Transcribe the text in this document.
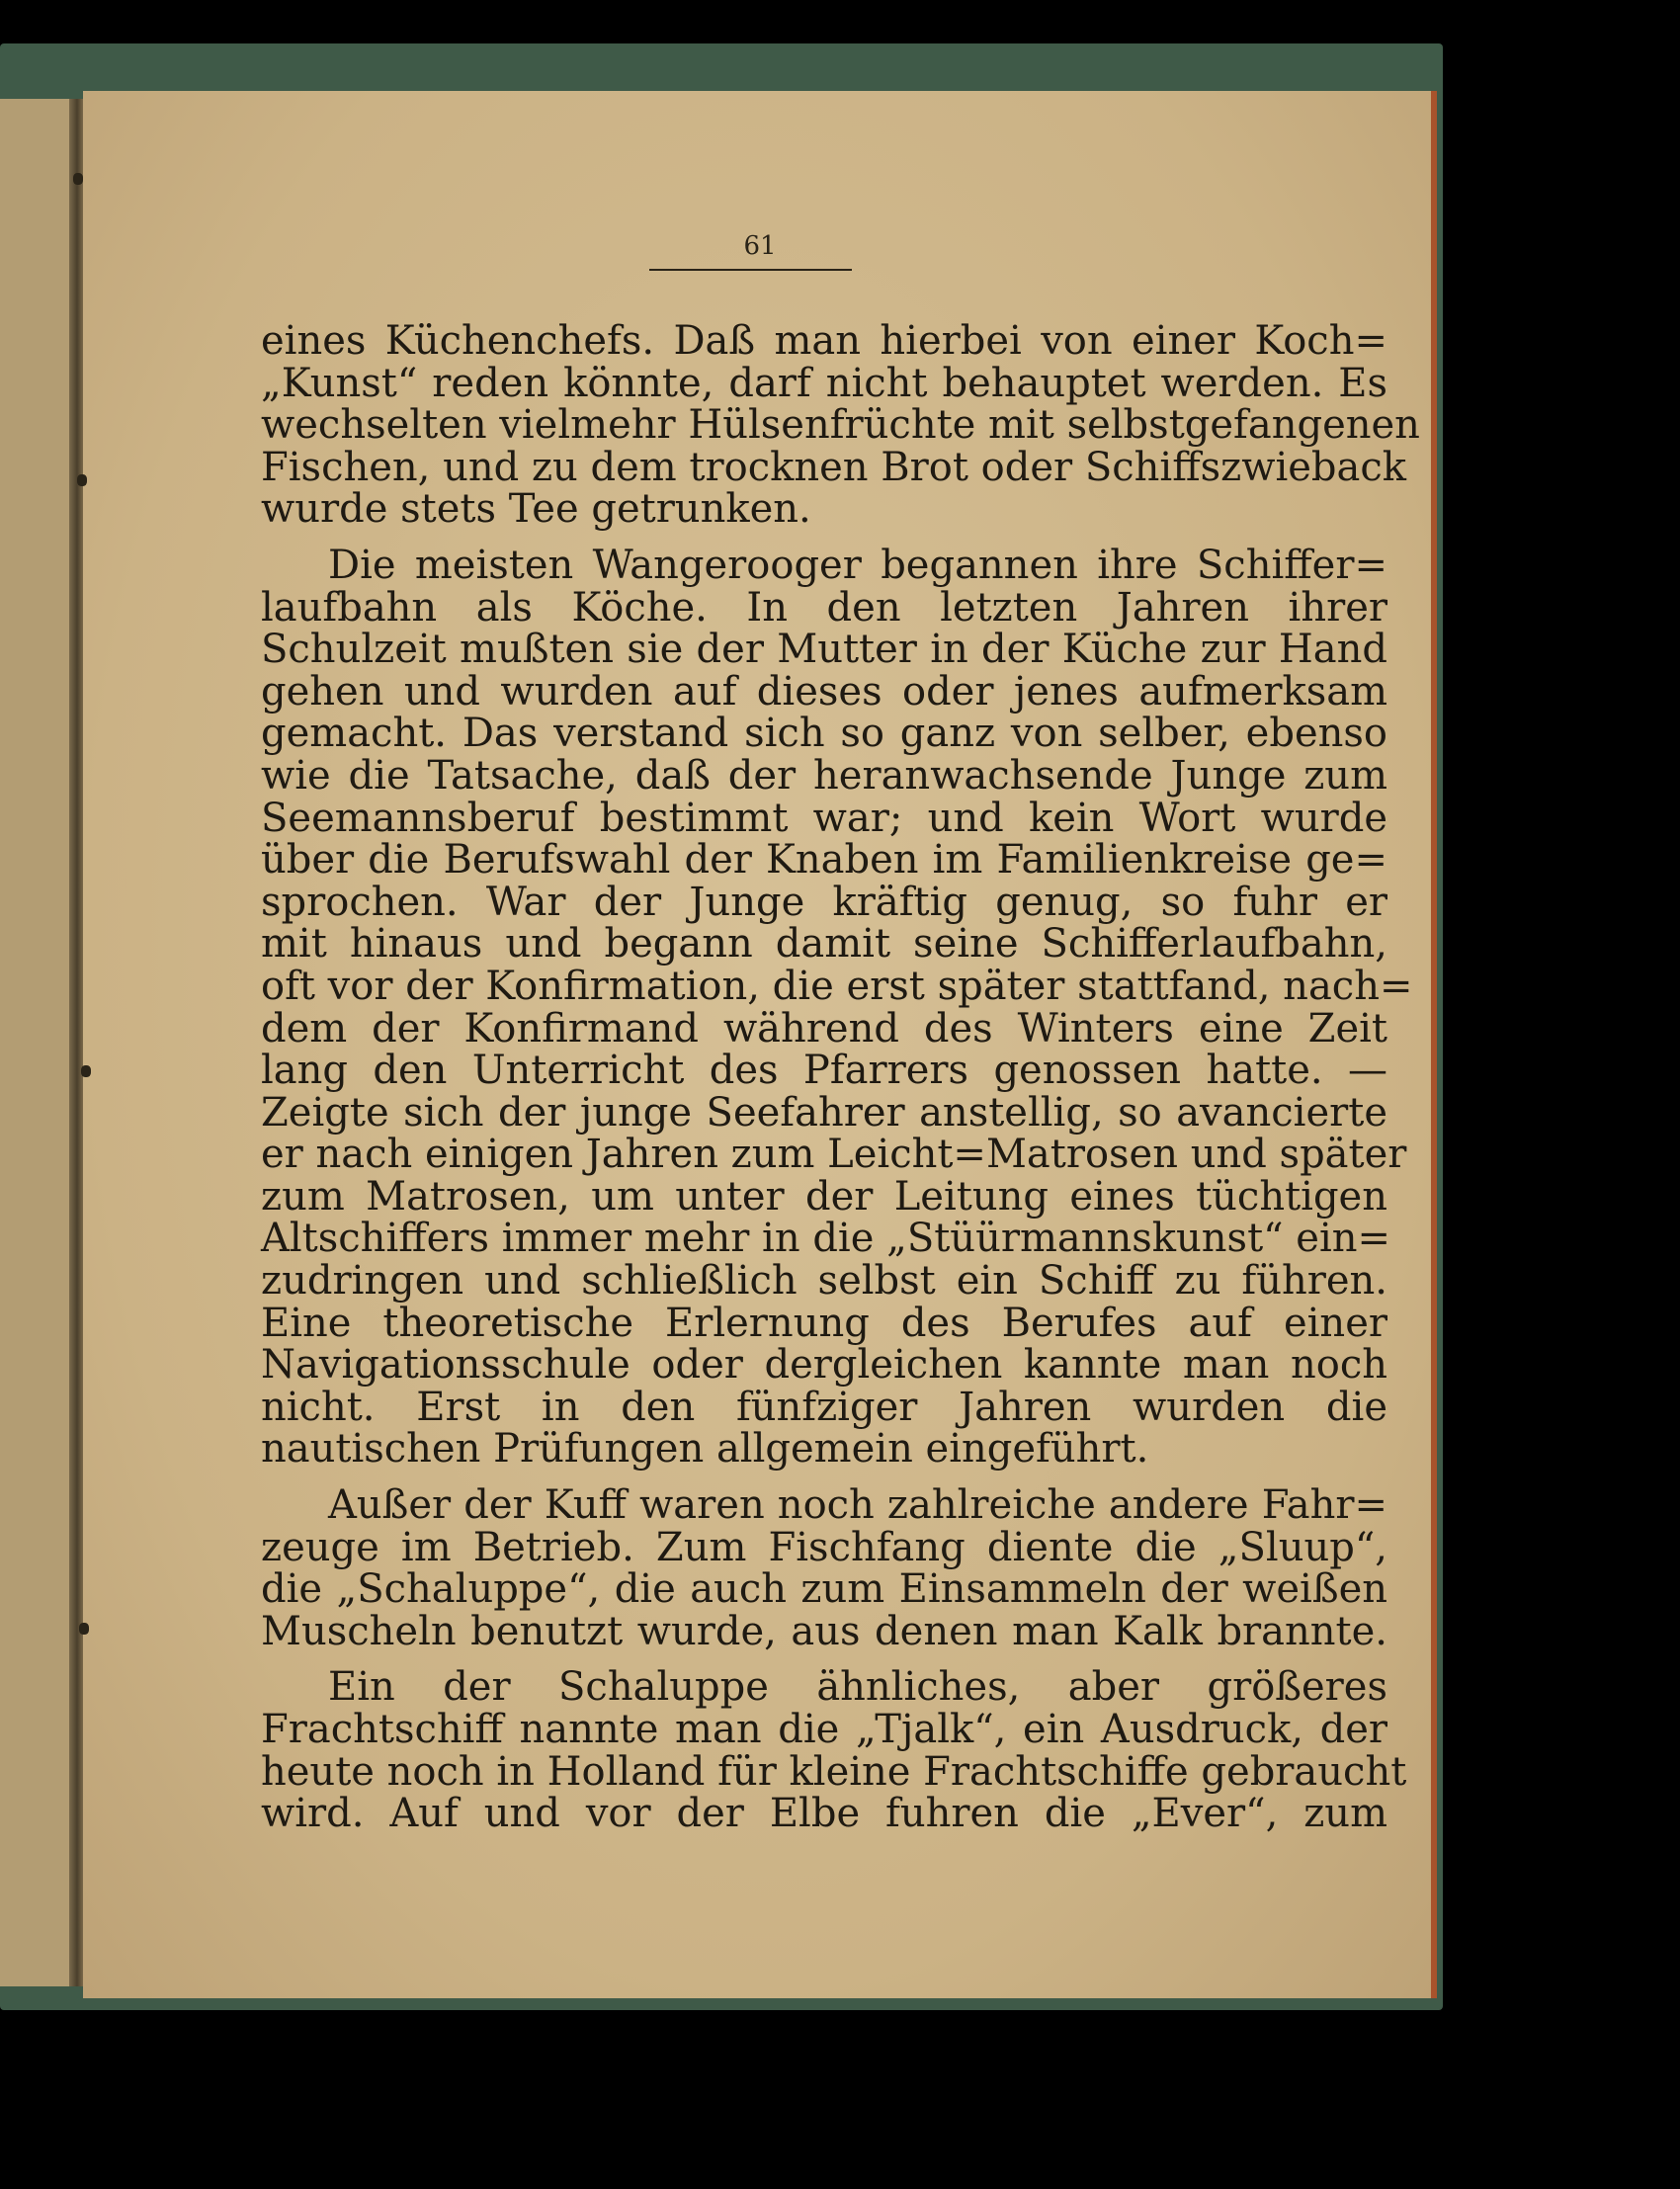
61
eines Küchenchefs. Daß man hierbei von einer Koch=
„Kunst“ reden könnte, darf nicht behauptet werden. Es
wechselten vielmehr Hülsenfrüchte mit selbstgefangenen
Fischen, und zu dem trocknen Brot oder Schiffszwieback
wurde stets Tee getrunken.
Die meisten Wangerooger begannen ihre Schiffer=
laufbahn als Köche. In den letzten Jahren ihrer
Schulzeit mußten sie der Mutter in der Küche zur Hand
gehen und wurden auf dieses oder jenes aufmerksam
gemacht. Das verstand sich so ganz von selber, ebenso
wie die Tatsache, daß der heranwachsende Junge zum
Seemannsberuf bestimmt war; und kein Wort wurde
über die Berufswahl der Knaben im Familienkreise ge=
sprochen. War der Junge kräftig genug, so fuhr er
mit hinaus und begann damit seine Schifferlaufbahn,
oft vor der Konfirmation, die erst später stattfand, nach=
dem der Konfirmand während des Winters eine Zeit
lang den Unterricht des Pfarrers genossen hatte. —
Zeigte sich der junge Seefahrer anstellig, so avancierte
er nach einigen Jahren zum Leicht=Matrosen und später
zum Matrosen, um unter der Leitung eines tüchtigen
Altschiffers immer mehr in die „Stüürmannskunst“ ein=
zudringen und schließlich selbst ein Schiff zu führen.
Eine theoretische Erlernung des Berufes auf einer
Navigationsschule oder dergleichen kannte man noch
nicht. Erst in den fünfziger Jahren wurden die
nautischen Prüfungen allgemein eingeführt.
Außer der Kuff waren noch zahlreiche andere Fahr=
zeuge im Betrieb. Zum Fischfang diente die „Sluup“,
die „Schaluppe“, die auch zum Einsammeln der weißen
Muscheln benutzt wurde, aus denen man Kalk brannte.
Ein der Schaluppe ähnliches, aber größeres
Frachtschiff nannte man die „Tjalk“, ein Ausdruck, der
heute noch in Holland für kleine Frachtschiffe gebraucht
wird. Auf und vor der Elbe fuhren die „Ever“, zum
